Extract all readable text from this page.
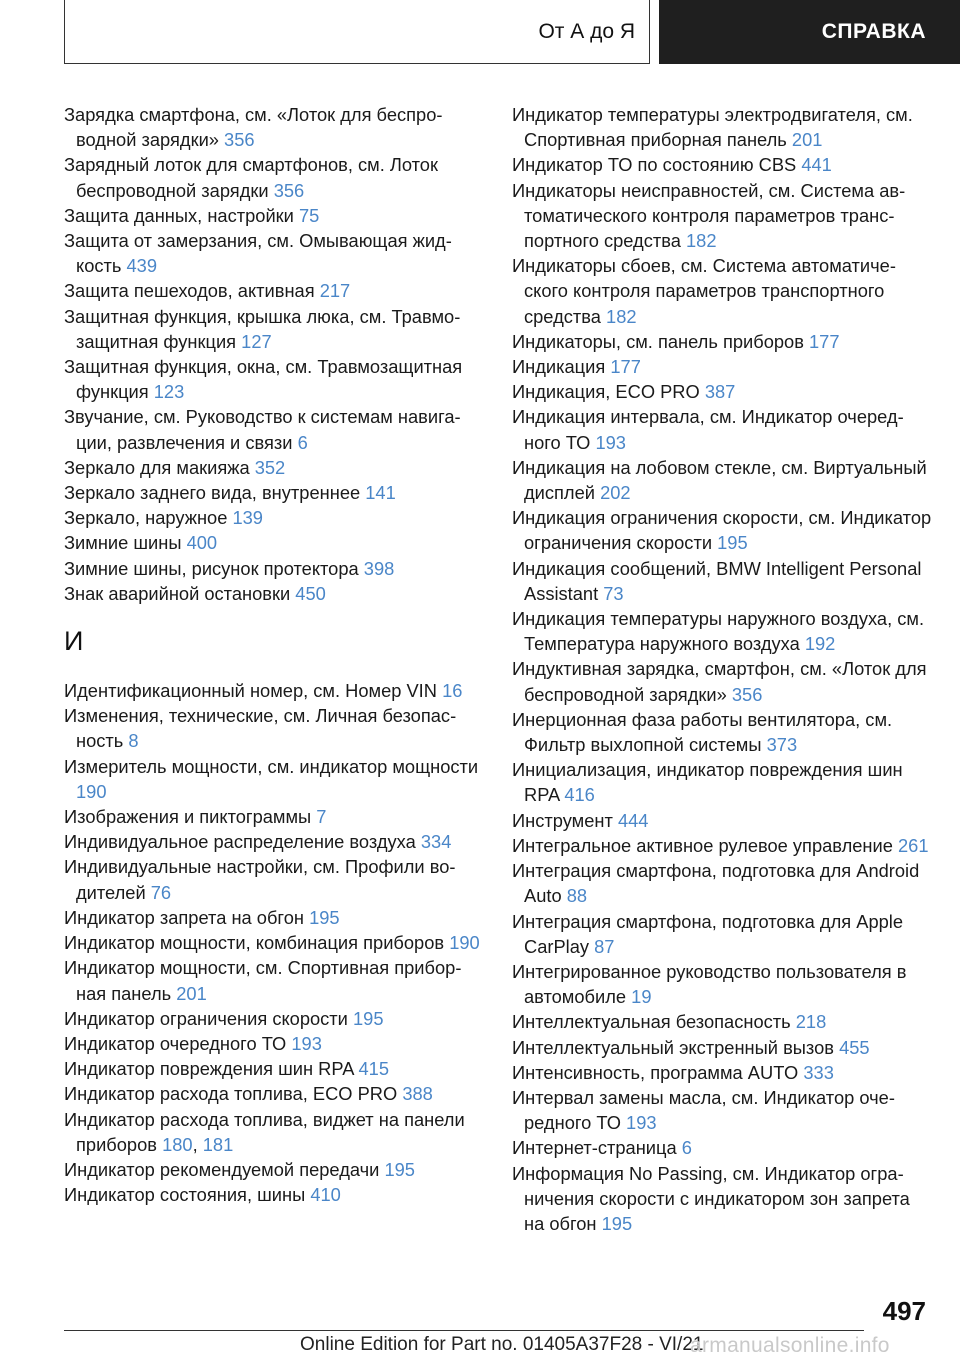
От А до Я	СПРАВКА
Зарядка смартфона, см. «Лоток для беспроводной зарядки» 356
Зарядный лоток для смартфонов, см. Лоток беспроводной зарядки 356
Защита данных, настройки 75
Защита от замерзания, см. Омывающая жидкость 439
Защита пешеходов, активная 217
Защитная функция, крышка люка, см. Травмозащитная функция 127
Защитная функция, окна, см. Травмозащитная функция 123
Звучание, см. Руководство к системам навигации, развлечения и связи 6
Зеркало для макияжа 352
Зеркало заднего вида, внутреннее 141
Зеркало, наружное 139
Зимние шины 400
Зимние шины, рисунок протектора 398
Знак аварийной остановки 450
И
Идентификационный номер, см. Номер VIN 16
Изменения, технические, см. Личная безопасность 8
Измеритель мощности, см. индикатор мощности 190
Изображения и пиктограммы 7
Индивидуальное распределение воздуха 334
Индивидуальные настройки, см. Профили водителей 76
Индикатор запрета на обгон 195
Индикатор мощности, комбинация приборов 190
Индикатор мощности, см. Спортивная приборная панель 201
Индикатор ограничения скорости 195
Индикатор очередного ТО 193
Индикатор повреждения шин RPA 415
Индикатор расхода топлива, ECO PRO 388
Индикатор расхода топлива, виджет на панели приборов 180, 181
Индикатор рекомендуемой передачи 195
Индикатор состояния, шины 410
Индикатор температуры электродвигателя, см. Спортивная приборная панель 201
Индикатор ТО по состоянию CBS 441
Индикаторы неисправностей, см. Система автоматического контроля параметров транспортного средства 182
Индикаторы сбоев, см. Система автоматического контроля параметров транспортного средства 182
Индикаторы, см. панель приборов 177
Индикация 177
Индикация, ECO PRO 387
Индикация интервала, см. Индикатор очередного ТО 193
Индикация на лобовом стекле, см. Виртуальный дисплей 202
Индикация ограничения скорости, см. Индикатор ограничения скорости 195
Индикация сообщений, BMW Intelligent Personal Assistant 73
Индикация температуры наружного воздуха, см. Температура наружного воздуха 192
Индуктивная зарядка, смартфон, см. «Лоток для беспроводной зарядки» 356
Инерционная фаза работы вентилятора, см. Фильтр выхлопной системы 373
Инициализация, индикатор повреждения шин RPA 416
Инструмент 444
Интегральное активное рулевое управление 261
Интеграция смартфона, подготовка для Android Auto 88
Интеграция смартфона, подготовка для Apple CarPlay 87
Интегрированное руководство пользователя в автомобиле 19
Интеллектуальная безопасность 218
Интеллектуальный экстренный вызов 455
Интенсивность, программа AUTO 333
Интервал замены масла, см. Индикатор очередного ТО 193
Интернет-страница 6
Информация No Passing, см. Индикатор ограничения скорости с индикатором зон запрета на обгон 195
497
Online Edition for Part no. 01405A37F28 - VI/21
armanualsonline.info
